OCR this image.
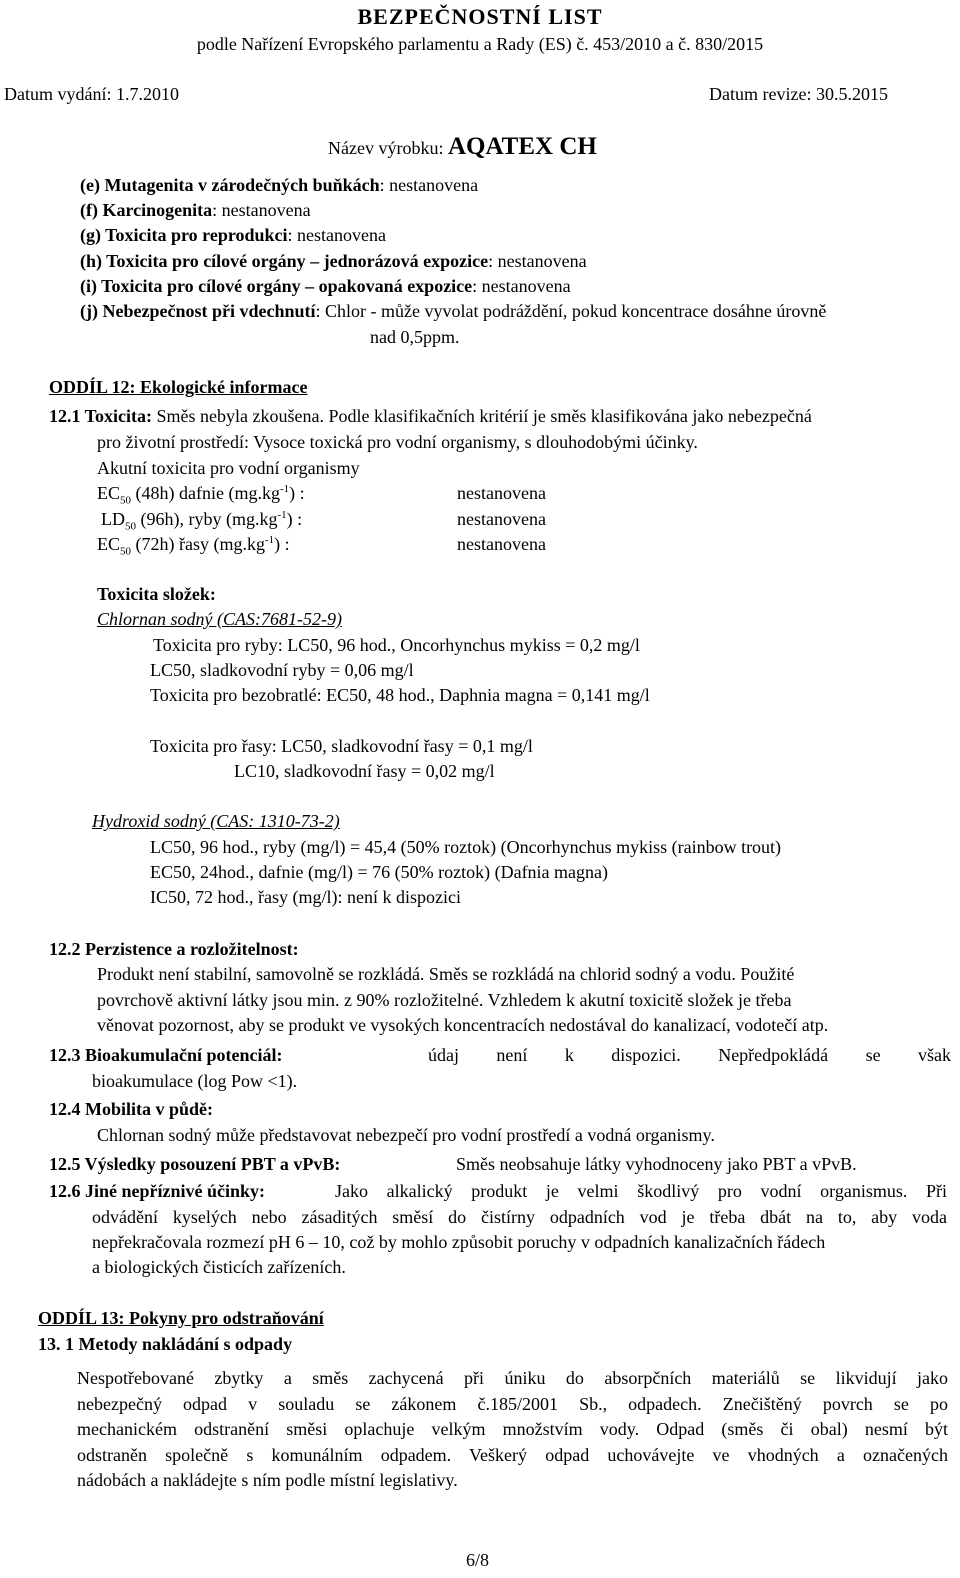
BEZPEČNOSTNÍ LIST
podle Nařízení Evropského parlamentu a Rady (ES) č. 453/2010 a č. 830/2015
Datum vydání: 1.7.2010	Datum revize: 30.5.2015
Název výrobku: AQATEX CH
(e) Mutagenita v zárodečných buňkách: nestanovena
(f) Karcinogenita: nestanovena
(g) Toxicita pro reprodukci: nestanovena
(h) Toxicita pro cílové orgány – jednorázová expozice: nestanovena
(i) Toxicita pro cílové orgány – opakovaná expozice: nestanovena
(j) Nebezpečnost při vdechnutí: Chlor - může vyvolat podráždění, pokud koncentrace dosáhne úrovně
nad 0,5ppm.
ODDÍL 12: Ekologické informace
12.1 Toxicita: Směs nebyla zkoušena. Podle klasifikačních kritérií je směs klasifikována jako nebezpečná
pro životní prostředí: Vysoce toxická pro vodní organismy, s dlouhodobými účinky.
Akutní toxicita pro vodní organismy
$EC_{50}$ (48h) dafnie $(mg.kg^{-1})$ :	nestanovena
$LD_{50}$ (96h), ryby $(mg.kg^{-1})$ :	nestanovena
$EC_{50}$ (72h) řasy $(mg.kg^{-1})$ :	nestanovena
Toxicita složek:
Chlornan sodný (CAS:7681-52-9)
Toxicita pro ryby: LC50, 96 hod., Oncorhynchus mykiss = 0,2 mg/l
LC50, sladkovodní ryby = 0,06 mg/l
Toxicita pro bezobratlé: EC50, 48 hod., Daphnia magna = 0,141 mg/l
Toxicita pro řasy: LC50, sladkovodní řasy = 0,1 mg/l
LC10, sladkovodní řasy = 0,02 mg/l
Hydroxid sodný (CAS: 1310-73-2)
LC50, 96 hod., ryby (mg/l) = 45,4 (50% roztok) (Oncorhynchus mykiss (rainbow trout)
EC50, 24hod., dafnie (mg/l) = 76 (50% roztok) (Dafnia magna)
IC50, 72 hod., řasy (mg/l): není k dispozici
12.2 Perzistence a rozložitelnost:
Produkt není stabilní, samovolně se rozkládá. Směs se rozkládá na chlorid sodný a vodu. Použité
povrchově aktivní látky jsou min. z 90% rozložitelné. Vzhledem k akutní toxicitě složek je třeba
věnovat pozornost, aby se produkt ve vysokých koncentracích nedostával do kanalizací, vodotečí atp.
12.3 Bioakumulační potenciál:	údaj není k dispozici. Nepředpokládá se však
bioakumulace (log Pow <1).
12.4 Mobilita v půdě:
Chlornan sodný může představovat nebezpečí pro vodní prostředí a vodná organismy.
12.5 Výsledky posouzení PBT a vPvB:	Směs neobsahuje látky vyhodnoceny jako PBT a vPvB.
12.6 Jiné nepříznivé účinky:	Jako alkalický produkt je velmi škodlivý pro vodní organismus. Při
odvádění kyselých nebo zásaditých směsí do čistírny odpadních vod je třeba dbát na to, aby voda
nepřekračovala rozmezí pH 6 – 10, což by mohlo způsobit poruchy v odpadních kanalizačních řádech
a biologických čisticích zařízeních.
ODDÍL 13: Pokyny pro odstraňování
13. 1 Metody nakládání s odpady
Nespotřebované zbytky a směs zachycená při úniku do absorpčních materiálů se likvidují jako
nebezpečný odpad v souladu se zákonem č.185/2001 Sb., odpadech. Znečištěný povrch se po
mechanickém odstranění směsi oplachuje velkým množstvím vody. Odpad (směs či obal) nesmí být
odstraněn společně s komunálním odpadem. Veškerý odpad uchovávejte ve vhodných a označených
nádobách a nakládejte s ním podle místní legislativy.
6/8
